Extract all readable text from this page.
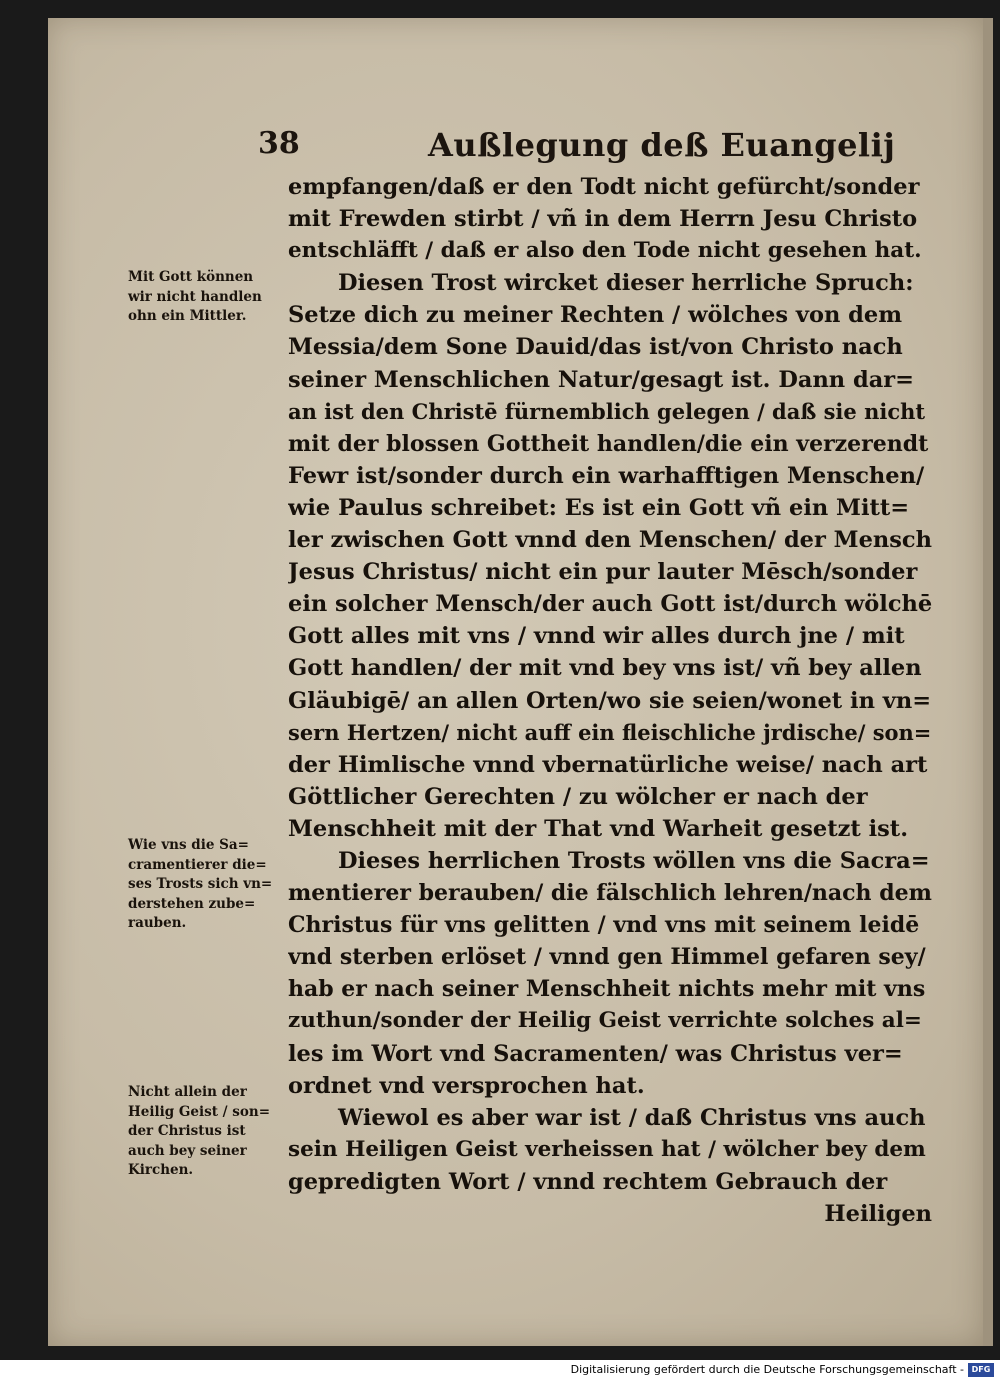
38	Außlegung deß Euangelij
empfangen/daß er den Todt nicht gefürcht/sonder
mit Frewden stirbt / vñ in dem Herrn Jesu Christo
entschläfft / daß er also den Tode nicht gesehen hat.
Diesen Trost wircket dieser herrliche Spruch:
Setze dich zu meiner Rechten / wölches von dem
Messia/dem Sone Dauid/das ist/von Christo nach
seiner Menschlichen Natur/gesagt ist. Dann dar=
an ist den Christē fürnemblich gelegen / daß sie nicht
mit der blossen Gottheit handlen/die ein verzerendt
Fewr ist/sonder durch ein warhafftigen Menschen/
wie Paulus schreibet: Es ist ein Gott vñ ein Mitt=
ler zwischen Gott vnnd den Menschen/ der Mensch
Jesus Christus/ nicht ein pur lauter Mēsch/sonder
ein solcher Mensch/der auch Gott ist/durch wölchē
Gott alles mit vns / vnnd wir alles durch jne / mit
Gott handlen/ der mit vnd bey vns ist/ vñ bey allen
Gläubigē/ an allen Orten/wo sie seien/wonet in vn=
sern Hertzen/ nicht auff ein fleischliche jrdische/ son=
der Himlische vnnd vbernatürliche weise/ nach art
Göttlicher Gerechten / zu wölcher er nach der
Menschheit mit der That vnd Warheit gesetzt ist.
Dieses herrlichen Trosts wöllen vns die Sacra=
mentierer berauben/ die fälschlich lehren/nach dem
Christus für vns gelitten / vnd vns mit seinem leidē
vnd sterben erlöset / vnnd gen Himmel gefaren sey/
hab er nach seiner Menschheit nichts mehr mit vns
zuthun/sonder der Heilig Geist verrichte solches al=
les im Wort vnd Sacramenten/ was Christus ver=
ordnet vnd versprochen hat.
Wiewol es aber war ist / daß Christus vns auch
sein Heiligen Geist verheissen hat / wölcher bey dem
gepredigten Wort / vnnd rechtem Gebrauch der
Heiligen
Mit Gott können
wir nicht handlen
ohn ein Mittler.
Wie vns die Sa=
cramentierer die=
ses Trosts sich vn=
derstehen zube=
rauben.
Nicht allein der
Heilig Geist / son=
der Christus ist
auch bey seiner
Kirchen.
Digitalisierung gefördert durch die Deutsche Forschungsgemeinschaft - DFG
